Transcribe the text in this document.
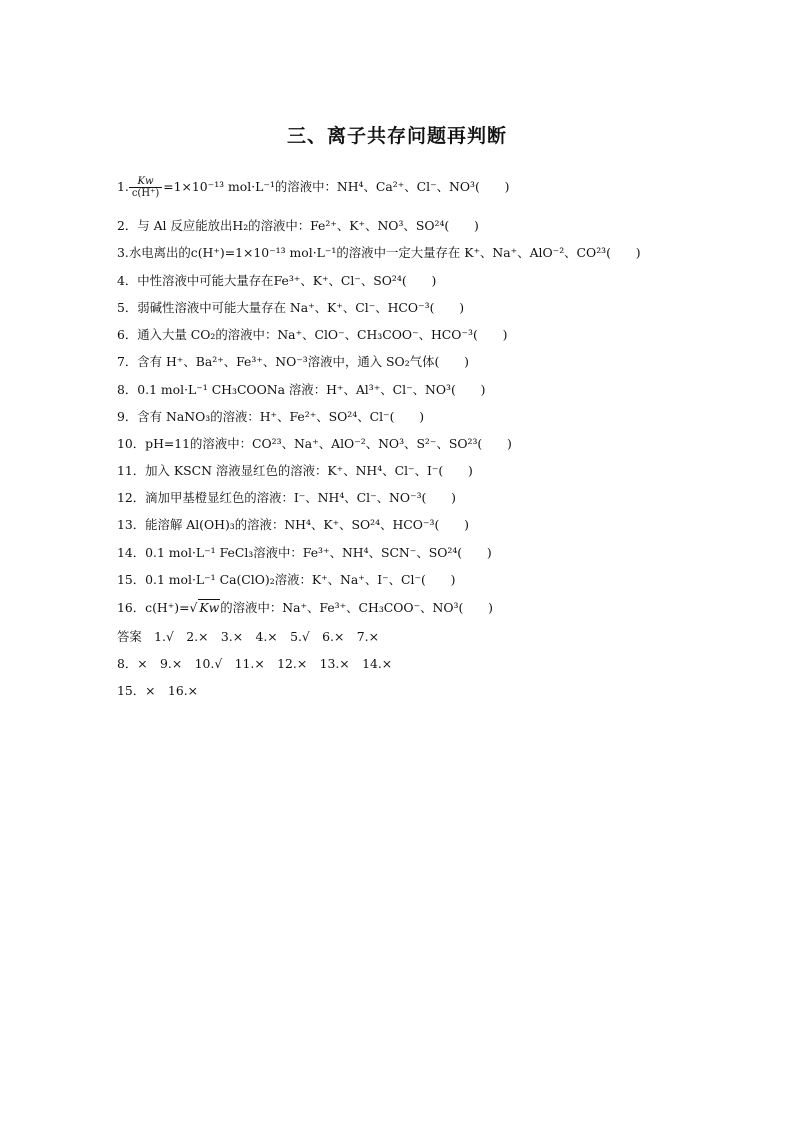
三、离子共存问题再判断
1. $\frac{Kw}{c(H^+)} =1\times 10^{-13}$ mol·L⁻¹的溶液中：NH⁴、Ca²⁺、Cl⁻、NO³(　　)
2．与 Al 反应能放出H₂的溶液中：Fe²⁺、K⁺、NO³、SO²⁴(　　)
3.水电离出的c(H⁺)=1×10⁻¹³ mol·L⁻¹的溶液中一定大量存在 K⁺、Na⁺、AlO⁻²、CO²³(　　)
4．中性溶液中可能大量存在Fe³⁺、K⁺、Cl⁻、SO²⁴(　　)
5．弱碱性溶液中可能大量存在 Na⁺、K⁺、Cl⁻、HCO⁻³(　　)
6．通入大量 CO₂的溶液中：Na⁺、ClO⁻、CH₃COO⁻、HCO⁻³(　　)
7．含有 H⁺、Ba²⁺、Fe³⁺、NO⁻³溶液中，通入 SO₂气体(　　)
8．0.1 mol·L⁻¹ CH₃COONa 溶液：H⁺、Al³⁺、Cl⁻、NO³(　　)
9．含有 NaNO₃的溶液：H⁺、Fe²⁺、SO²⁴、Cl⁻(　　)
10．pH=11的溶液中：CO²³、Na⁺、AlO⁻²、NO³、S²⁻、SO²³(　　)
11．加入 KSCN 溶液显红色的溶液：K⁺、NH⁴、Cl⁻、I⁻(　　)
12．滴加甲基橙显红色的溶液：I⁻、NH⁴、Cl⁻、NO⁻³(　　)
13．能溶解 Al(OH)₃的溶液：NH⁴、K⁺、SO²⁴、HCO⁻³(　　)
14．0.1 mol·L⁻¹ FeCl₃溶液中：Fe³⁺、NH⁴、SCN⁻、SO²⁴(　　)
15．0.1 mol·L⁻¹ Ca(ClO)₂溶液：K⁺、Na⁺、I⁻、Cl⁻(　　)
16．c(H⁺)=√ Kw的溶液中：Na⁺、Fe³⁺、CH₃COO⁻、NO³(　　)
答案　1.√　2.×　3.×　4.×　5.√　6.×　7.×
8．×　9.×　10.√　11.×　12.×　13.×　14.×
15．×　16.×
